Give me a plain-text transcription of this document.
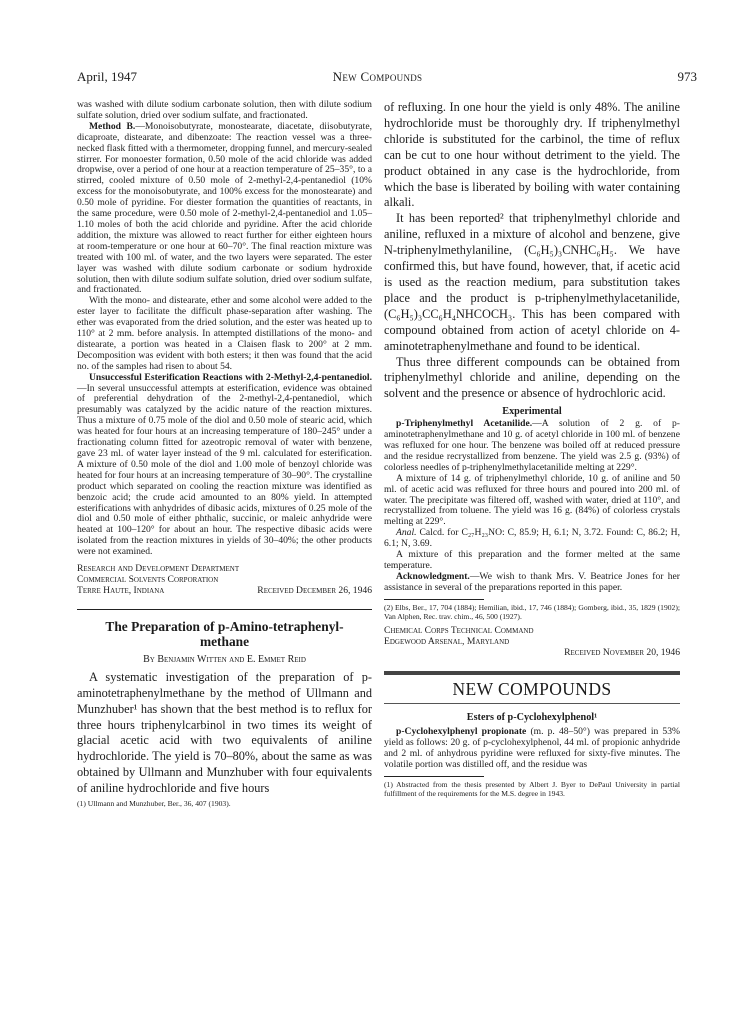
April, 1947	New Compounds	973

was washed with dilute sodium carbonate solution, then with dilute sodium sulfate solution, dried over sodium sulfate, and fractionated.

Method B.—Monoisobutyrate, monostearate, diacetate, diisobutyrate, dicaproate, distearate, and dibenzoate: The reaction vessel was a three-necked flask fitted with a thermometer, dropping funnel, and mercury-sealed stirrer. For monoester formation, 0.50 mole of the acid chloride was added dropwise, over a period of one hour at a reaction temperature of 25–35°, to a stirred, cooled mixture of 0.50 mole of 2-methyl-2,4-pentanediol (10% excess for the monoisobutyrate, and 100% excess for the monostearate) and 0.50 mole of pyridine. For diester formation the quantities of reactants, in the same procedure, were 0.50 mole of 2-methyl-2,4-pentanediol and 1.05–1.10 moles of both the acid chloride and pyridine. After the acid chloride addition, the mixture was allowed to react further for either eighteen hours at room-temperature or one hour at 60–70°. The final reaction mixture was treated with 100 ml. of water, and the two layers were separated. The ester layer was washed with dilute sodium carbonate or sodium hydroxide solution, then with dilute sodium sulfate solution, dried over sodium sulfate, and fractionated.

With the mono- and distearate, ether and some alcohol were added to the ester layer to facilitate the difficult phase-separation after washing. The ether was evaporated from the dried solution, and the ester was heated up to 110° at 2 mm. before analysis. In attempted distillations of the mono- and distearate, a portion was heated in a Claisen flask to 200° at 2 mm. Decomposition was evident with both esters; it then was found that the acid no. of the samples had risen to about 54.

Unsuccessful Esterification Reactions with 2-Methyl-2,4-pentanediol.—In several unsuccessful attempts at esterification, evidence was obtained of preferential dehydration of the 2-methyl-2,4-pentanediol, which presumably was catalyzed by the acidic nature of the reaction mixtures. Thus a mixture of 0.75 mole of the diol and 0.50 mole of stearic acid, which was heated for four hours at an increasing temperature of 180–245° under a fractionating column fitted for azeotropic removal of water with benzene, gave 23 ml. of water layer instead of the 9 ml. calculated for esterification. A mixture of 0.50 mole of the diol and 1.00 mole of benzoyl chloride was heated for four hours at an increasing temperature of 30–90°. The crystalline product which separated on cooling the reaction mixture was identified as benzoic acid; the crude acid amounted to an 80% yield. In attempted esterifications with anhydrides of dibasic acids, mixtures of 0.25 mole of the diol and 0.50 mole of either phthalic, succinic, or maleic anhydride were heated at 100–120° for about an hour. The respective dibasic acids were isolated from the reaction mixtures in yields of 30–40%; the other products were not examined.

Research and Development Department
Commercial Solvents Corporation
Terre Haute, Indiana	Received December 26, 1946
The Preparation of p-Amino-tetraphenyl-
methane
By Benjamin Witten and E. Emmet Reid

A systematic investigation of the preparation of p-aminotetraphenylmethane by the method of Ullmann and Munzhuber¹ has shown that the best method is to reflux for three hours triphenylcarbinol in two times its weight of glacial acetic acid with two equivalents of aniline hydrochloride. The yield is 70–80%, about the same as was obtained by Ullmann and Munzhuber with four equivalents of aniline hydrochloride and five hours

(1) Ullmann and Munzhuber, Ber., 36, 407 (1903).

of refluxing. In one hour the yield is only 48%. The aniline hydrochloride must be thoroughly dry. If triphenylmethyl chloride is substituted for the carbinol, the time of reflux can be cut to one hour without detriment to the yield. The product obtained in any case is the hydrochloride, from which the base is liberated by boiling with water containing alkali.

It has been reported² that triphenylmethyl chloride and aniline, refluxed in a mixture of alcohol and benzene, give N-triphenylmethylaniline, (C₆H₅)₃CNHC₆H₅. We have confirmed this, but have found, however, that, if acetic acid is used as the reaction medium, para substitution takes place and the product is p-triphenylmethylacetanilide, (C₆H₅)₃CC₆H₄NHCOCH₃. This has been compared with compound obtained from action of acetyl chloride on 4-aminotetraphenylmethane and found to be identical.

Thus three different compounds can be obtained from triphenylmethyl chloride and aniline, depending on the solvent and the presence or absence of hydrochloric acid.

Experimental

p-Triphenylmethyl Acetanilide.—A solution of 2 g. of p-aminotetraphenylmethane and 10 g. of acetyl chloride in 100 ml. of benzene was refluxed for one hour. The benzene was boiled off at reduced pressure and the residue recrystallized from benzene. The yield was 2.5 g. (93%) of colorless needles of p-triphenylmethylacetanilide melting at 229°.

A mixture of 14 g. of triphenylmethyl chloride, 10 g. of aniline and 50 ml. of acetic acid was refluxed for three hours and poured into 200 ml. of water. The precipitate was filtered off, washed with water, dried at 110°, and recrystallized from toluene. The yield was 16 g. (84%) of colorless crystals melting at 229°.

Anal. Calcd. for C₂₇H₂₃NO: C, 85.9; H, 6.1; N, 3.72. Found: C, 86.2; H, 6.1; N, 3.69.

A mixture of this preparation and the former melted at the same temperature.

Acknowledgment.—We wish to thank Mrs. V. Beatrice Jones for her assistance in several of the preparations reported in this paper.

(2) Elbs, Ber., 17, 704 (1884); Hemilian, ibid., 17, 746 (1884); Gomberg, ibid., 35, 1829 (1902); Van Alphen, Rec. trav. chim., 46, 500 (1927).

Chemical Corps Technical Command
Edgewood Arsenal, Maryland
Received November 20, 1946
NEW COMPOUNDS
Esters of p-Cyclohexylphenol¹

p-Cyclohexylphenyl propionate (m. p. 48–50°) was prepared in 53% yield as follows: 20 g. of p-cyclohexylphenol, 44 ml. of propionic anhydride and 2 ml. of anhydrous pyridine were refluxed for sixty-five minutes. The volatile portion was distilled off, and the residue was

(1) Abstracted from the thesis presented by Albert J. Byer to DePaul University in partial fulfillment of the requirements for the M.S. degree in 1943.
